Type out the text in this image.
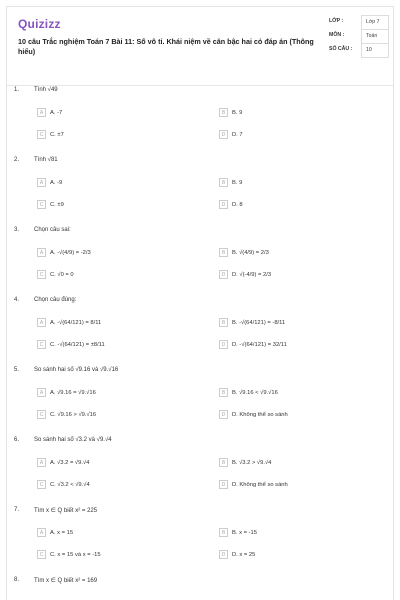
Quizizz
10 câu Trắc nghiệm Toán 7 Bài 11: Số vô tỉ. Khái niệm về căn bậc hai có đáp án (Thông hiểu)
LỚP :	Lớp 7
MÔN :	Toán
SỐ CÂU :	10
1. Tính √49
A	A. -7	B	B. 9
C	C. ±7	D	D. 7
2. Tính √81
A	A. -9	B	B. 9
C	C. ±9	D	D. 8
3. Chọn câu sai:
A	A. -√(4/9) = -2/3	B	B. √(4/9) = 2/3
C	C. √0 = 0	D	D. √(-4/9) = 2/3
4. Chọn câu đúng:
A	A. -√(64/121) = 8/11	B	B. -√(64/121) = -8/11
C	C. -√(64/121) = ±8/11	D	D. -√(64/121) = 32/11
5. So sánh hai số √9.16 và √9.√16
A	A. √9.16 = √9.√16	B	B. √9.16 < √9.√16
C	C. √9.16 > √9.√16	D	D. Không thể so sánh
6. So sánh hai số √3.2 và √9.√4
A	A. √3.2 = √9.√4	B	B. √3.2 > √9.√4
C	C. √3.2 < √9.√4	D	D. Không thể so sánh
7. Tìm x ∈ Q biết x² = 225
A	A. x = 15	B	B. x = -15
C	C. x = 15 và x = -15	D	D. x = 25
8. Tìm x ∈ Q biết x² = 169
